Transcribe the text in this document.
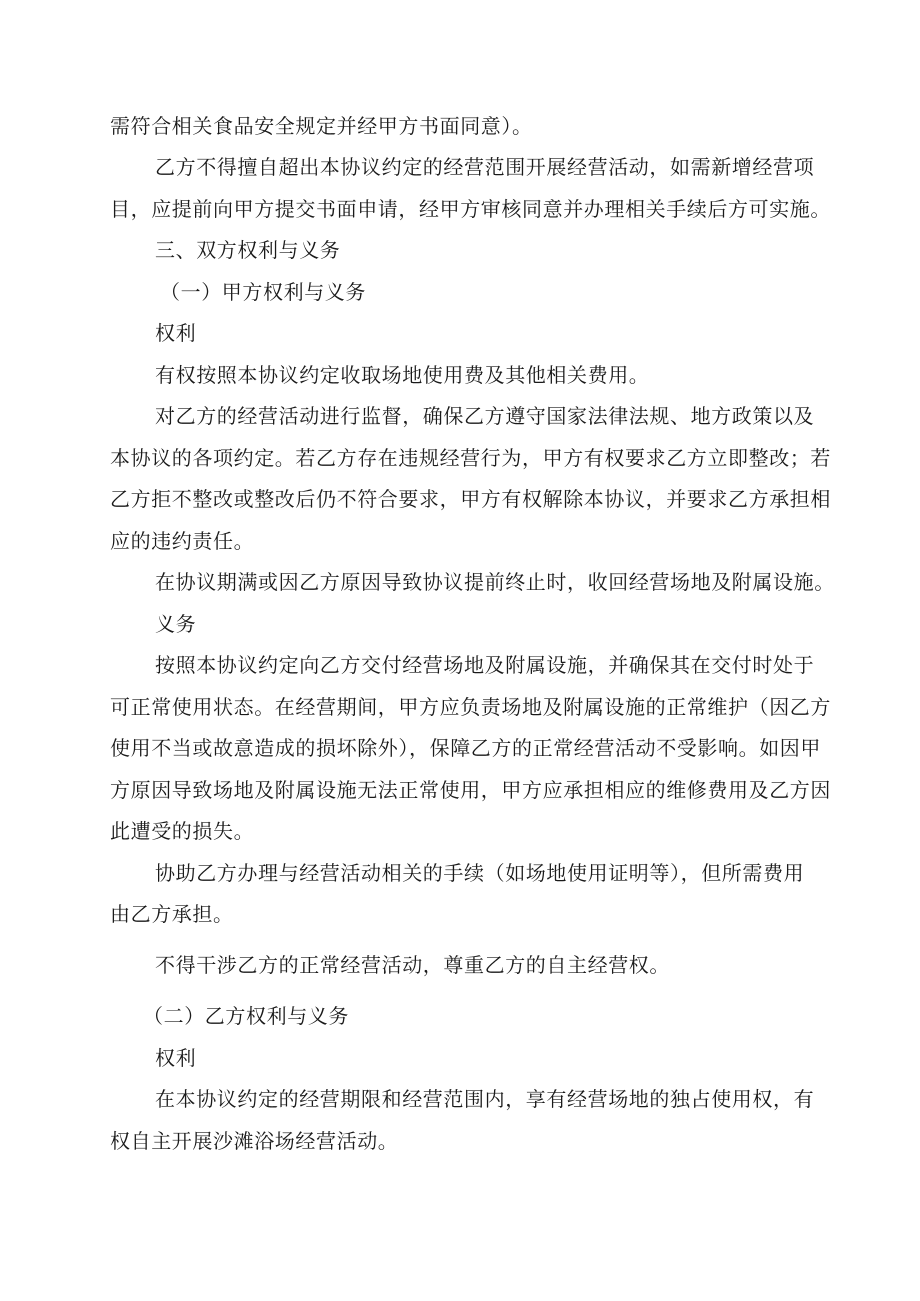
需符合相关食品安全规定并经甲方书面同意）。
乙方不得擅自超出本协议约定的经营范围开展经营活动，如需新增经营项
目，应提前向甲方提交书面申请，经甲方审核同意并办理相关手续后方可实施。
三、双方权利与义务
（一）甲方权利与义务
权利
有权按照本协议约定收取场地使用费及其他相关费用。
对乙方的经营活动进行监督，确保乙方遵守国家法律法规、地方政策以及
本协议的各项约定。若乙方存在违规经营行为，甲方有权要求乙方立即整改；若
乙方拒不整改或整改后仍不符合要求，甲方有权解除本协议，并要求乙方承担相
应的违约责任。
在协议期满或因乙方原因导致协议提前终止时，收回经营场地及附属设施。
义务
按照本协议约定向乙方交付经营场地及附属设施，并确保其在交付时处于
可正常使用状态。在经营期间，甲方应负责场地及附属设施的正常维护（因乙方
使用不当或故意造成的损坏除外），保障乙方的正常经营活动不受影响。如因甲
方原因导致场地及附属设施无法正常使用，甲方应承担相应的维修费用及乙方因
此遭受的损失。
协助乙方办理与经营活动相关的手续（如场地使用证明等），但所需费用
由乙方承担。
不得干涉乙方的正常经营活动，尊重乙方的自主经营权。
（二）乙方权利与义务
权利
在本协议约定的经营期限和经营范围内，享有经营场地的独占使用权，有
权自主开展沙滩浴场经营活动。
